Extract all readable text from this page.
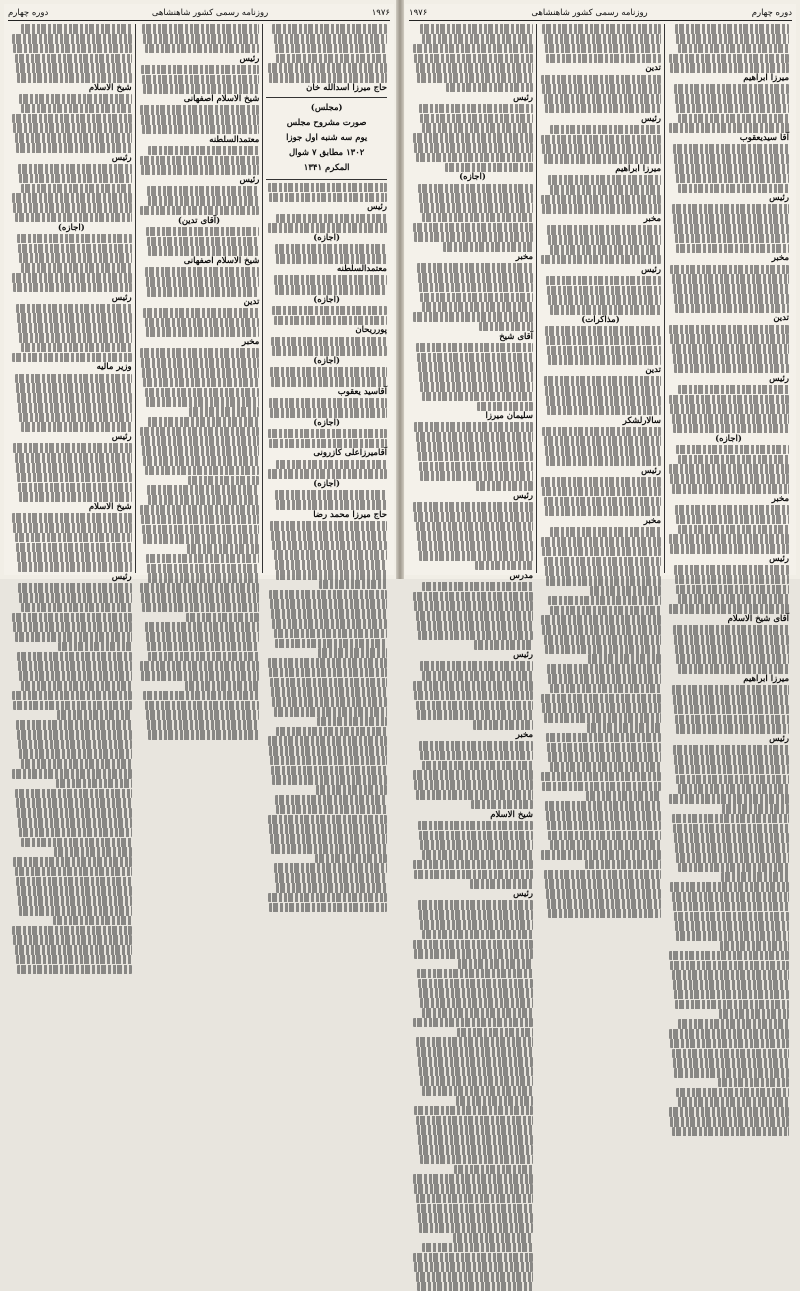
۱۹۷۶
روزنامه رسمی کشور شاهنشاهی
دوره چهارم
حاج میرزا اسدالله خان
(مجلس)
صورت مشروح مجلس
یوم سه شنبه اول جوزا
۱۳۰۲ مطابق ۷ شوال
المکرم ۱۳۴۱
رئیس
(اجازه)
معتمدالسلطنه
(اجازه)
پورریحان
(اجازه)
آقاسید یعقوب
(اجازه)
آقامیرزاعلی کازرونی
(اجازه)
حاج میرزا محمد رضا
رئیس
شیخ الاسلام اصفهانی
معتمدالسلطنه
رئیس
(آقای تدین)
شیخ الاسلام اصفهانی
تدین
مخبر
شیخ الاسلام
رئیس
(اجازه)
رئیس
وزیر مالیه
رئیس
شیخ الاسلام
رئیس
دوره چهارم
روزنامه رسمی کشور شاهنشاهی
۱۹۷۶
میرزا ابراهیم
آقا سیدیعقوب
رئیس
مخبر
تدین
رئیس
(اجازه)
مخبر
رئیس
آقای شیخ الاسلام
میرزا ابراهیم
رئیس
تدین
رئیس
میرزا ابراهیم
مخبر
رئیس
(مذاکرات)
تدین
سالارلشکر
رئیس
مخبر
رئیس
(اجازه)
مخبر
آقای شیخ
سلیمان میرزا
رئیس
مدرس
رئیس
مخبر
شیخ الاسلام
رئیس
